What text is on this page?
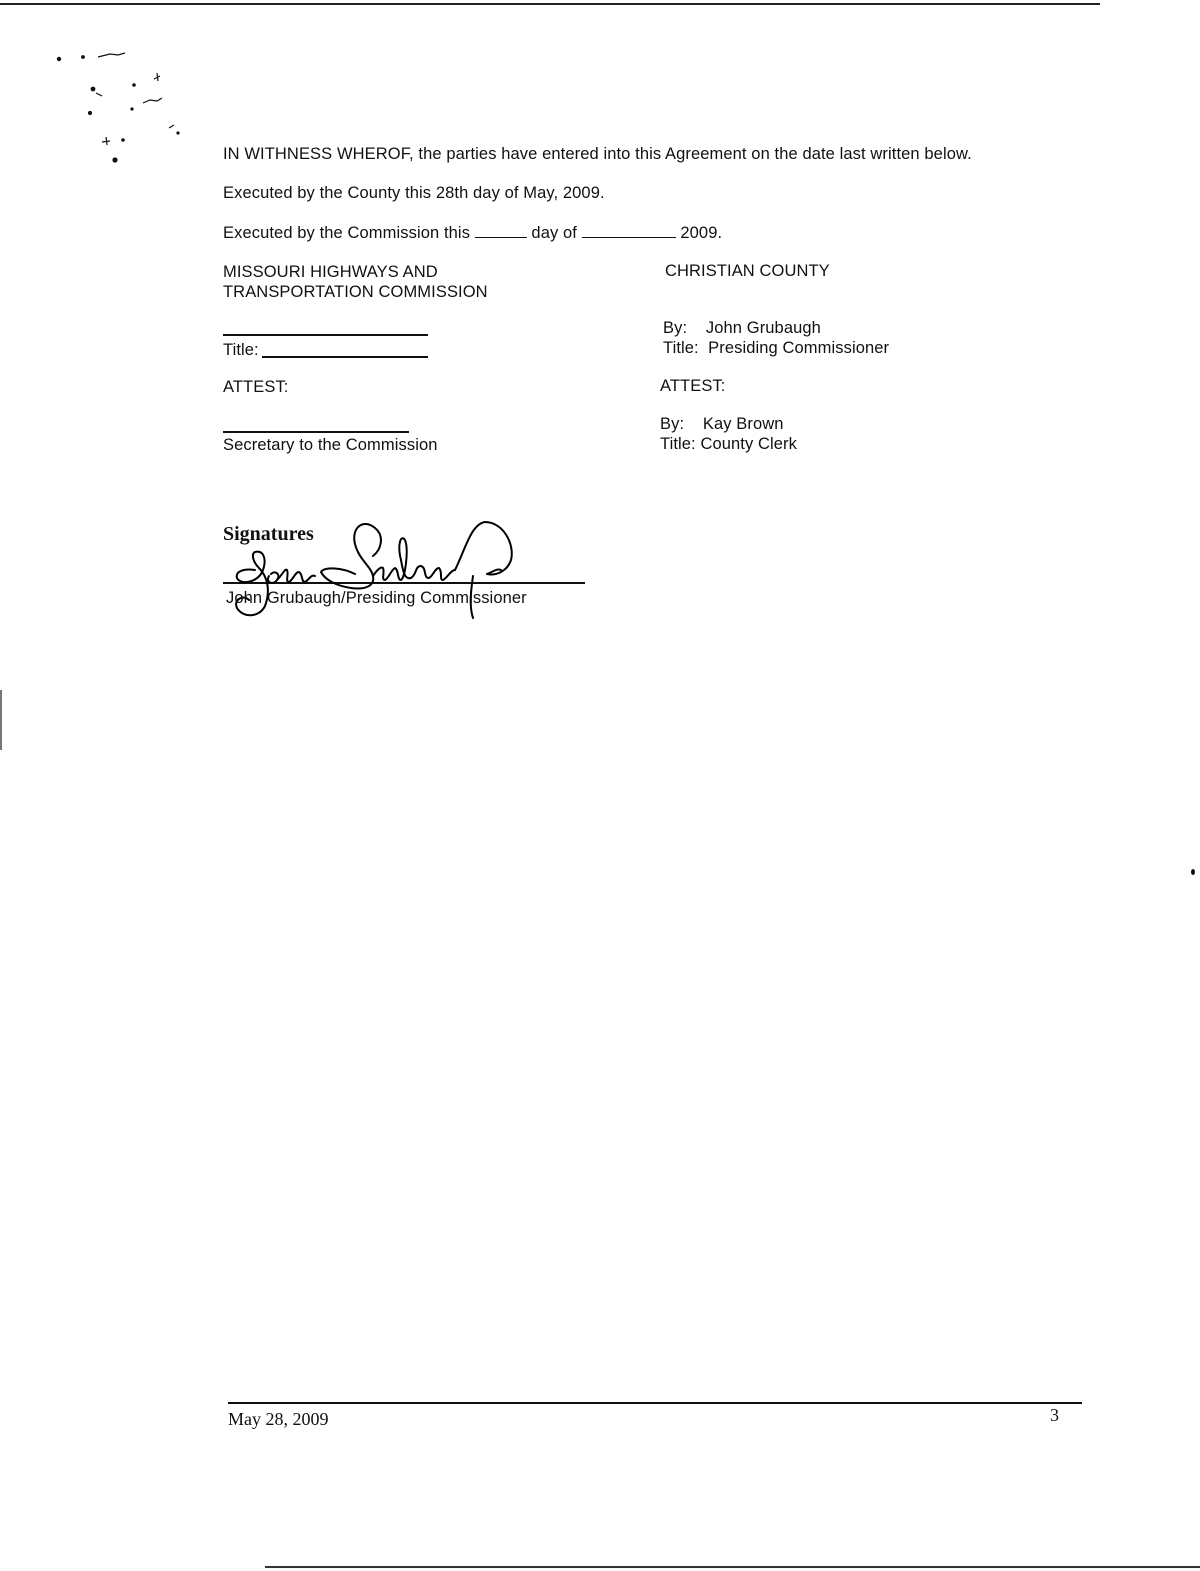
IN WITHNESS WHEROF, the parties have entered into this Agreement on the date last written below.
Executed by the County this 28th day of May, 2009.
Executed by the Commission this	day of	2009.
MISSOURI HIGHWAYS AND
TRANSPORTATION COMMISSION
Title:
ATTEST:
Secretary to the Commission
CHRISTIAN COUNTY
By: John Grubaugh
Title: Presiding Commissioner
ATTEST:
By: Kay Brown
Title: County Clerk
Signatures
John Grubaugh/Presiding Commissioner
May 28, 2009	3
